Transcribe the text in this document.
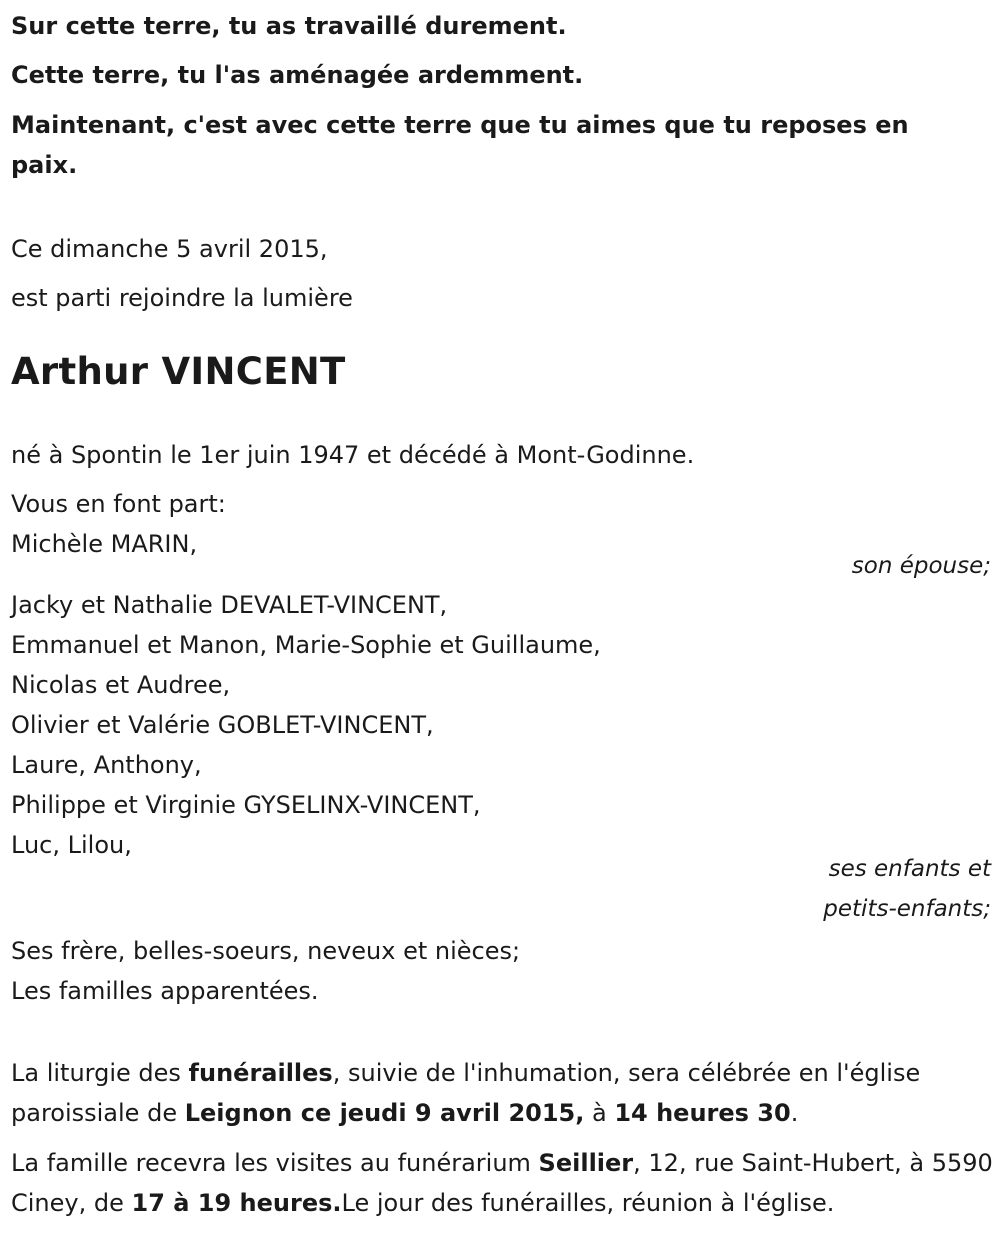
Sur cette terre, tu as travaillé durement.

Cette terre, tu l'as aménagée ardemment.

Maintenant, c'est avec cette terre que tu aimes que tu reposes en paix.

Ce dimanche 5 avril 2015,

est parti rejoindre la lumière

Arthur VINCENT

né à Spontin le 1er juin 1947 et décédé à Mont-Godinne.

Vous en font part:

Michèle MARIN,

son épouse;

Jacky et Nathalie DEVALET-VINCENT,

Emmanuel et Manon, Marie-Sophie et Guillaume,

Nicolas et Audree,

Olivier et Valérie GOBLET-VINCENT,

Laure, Anthony,

Philippe et Virginie GYSELINX-VINCENT,

Luc, Lilou,

ses enfants et

petits-enfants;

Ses frère, belles-soeurs, neveux et nièces;

Les familles apparentées.

La liturgie des funérailles, suivie de l'inhumation, sera célébrée en l'église paroissiale de Leignon ce jeudi 9 avril 2015, à 14 heures 30.

La famille recevra les visites au funérarium Seillier, 12, rue Saint-Hubert, à 5590 Ciney, de 17 à 19 heures.Le jour des funérailles, réunion à l'église.
